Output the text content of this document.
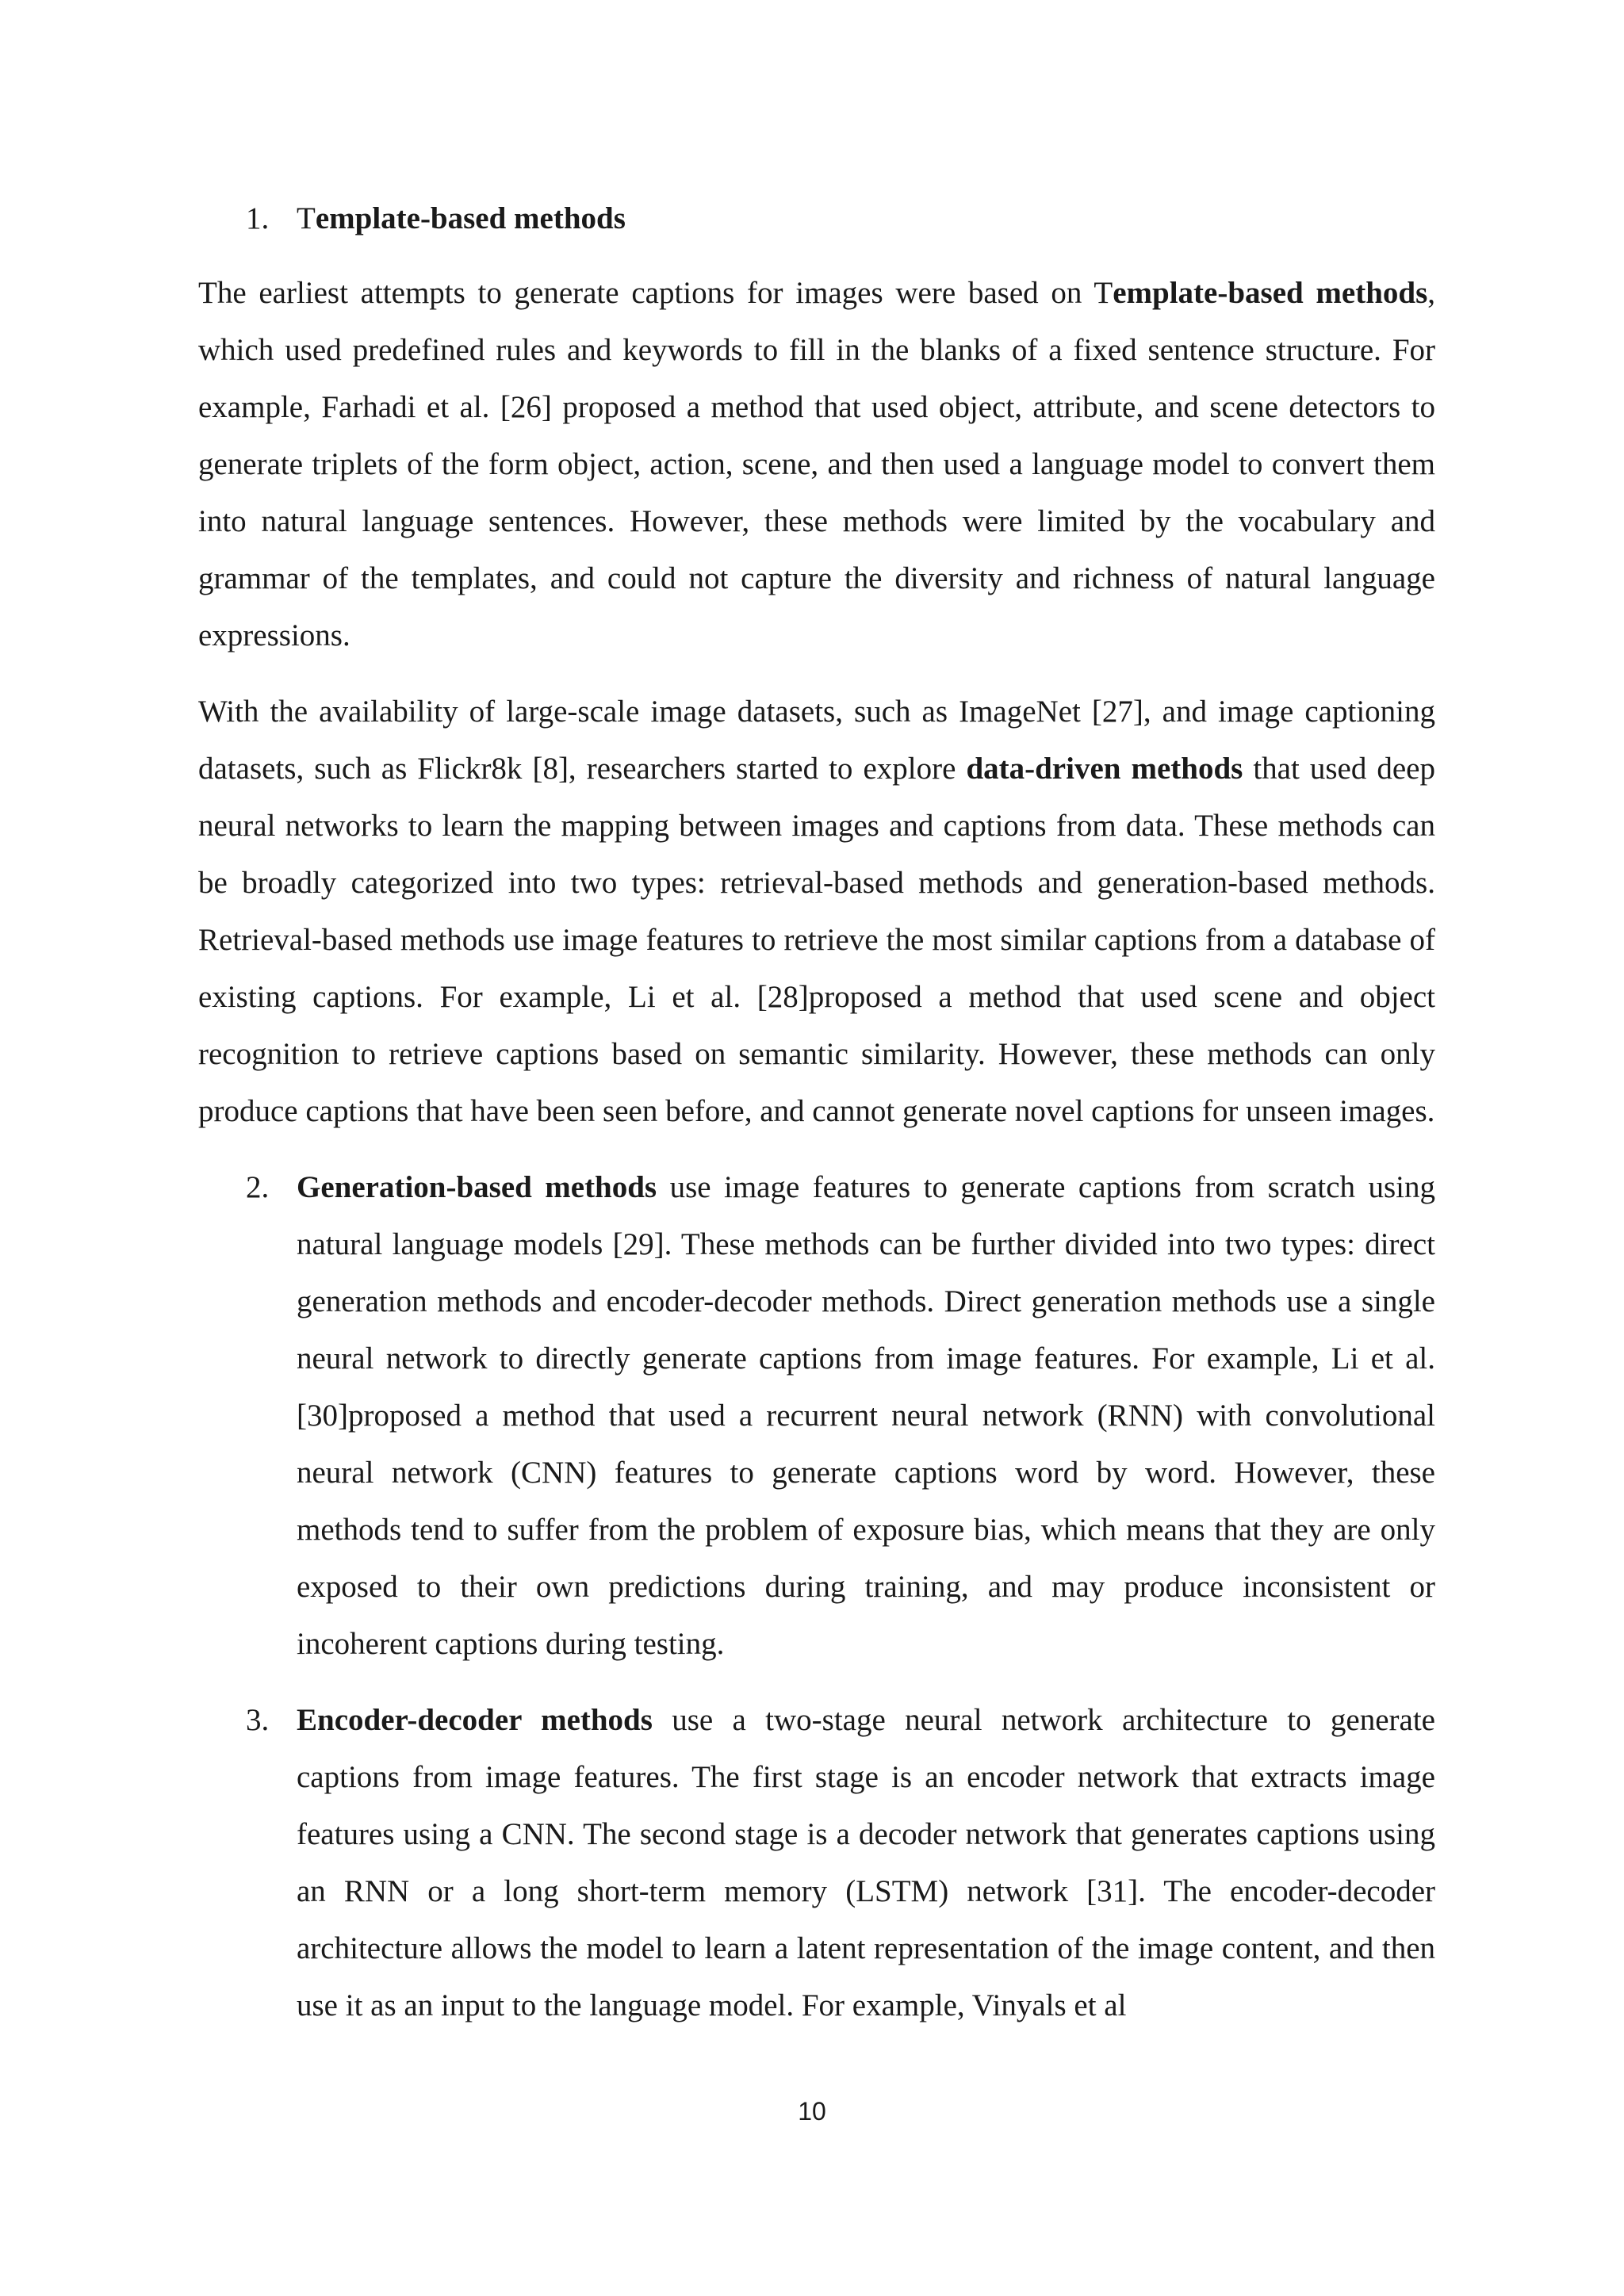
1. Template-based methods

The earliest attempts to generate captions for images were based on Template-based methods, which used predefined rules and keywords to fill in the blanks of a fixed sentence structure. For example, Farhadi et al. [26] proposed a method that used object, attribute, and scene detectors to generate triplets of the form object, action, scene, and then used a language model to convert them into natural language sentences. However, these methods were limited by the vocabulary and grammar of the templates, and could not capture the diversity and richness of natural language expressions.

With the availability of large-scale image datasets, such as ImageNet [27], and image captioning datasets, such as Flickr8k [8], researchers started to explore data-driven methods that used deep neural networks to learn the mapping between images and captions from data. These methods can be broadly categorized into two types: retrieval-based methods and generation-based methods. Retrieval-based methods use image features to retrieve the most similar captions from a database of existing captions. For example, Li et al. [28]proposed a method that used scene and object recognition to retrieve captions based on semantic similarity. However, these methods can only produce captions that have been seen before, and cannot generate novel captions for unseen images.

2. Generation-based methods use image features to generate captions from scratch using natural language models [29]. These methods can be further divided into two types: direct generation methods and encoder-decoder methods. Direct generation methods use a single neural network to directly generate captions from image features. For example, Li et al. [30]proposed a method that used a recurrent neural network (RNN) with convolutional neural network (CNN) features to generate captions word by word. However, these methods tend to suffer from the problem of exposure bias, which means that they are only exposed to their own predictions during training, and may produce inconsistent or incoherent captions during testing.
3. Encoder-decoder methods use a two-stage neural network architecture to generate captions from image features. The first stage is an encoder network that extracts image features using a CNN. The second stage is a decoder network that generates captions using an RNN or a long short-term memory (LSTM) network [31]. The encoder-decoder architecture allows the model to learn a latent representation of the image content, and then use it as an input to the language model. For example, Vinyals et al
10
